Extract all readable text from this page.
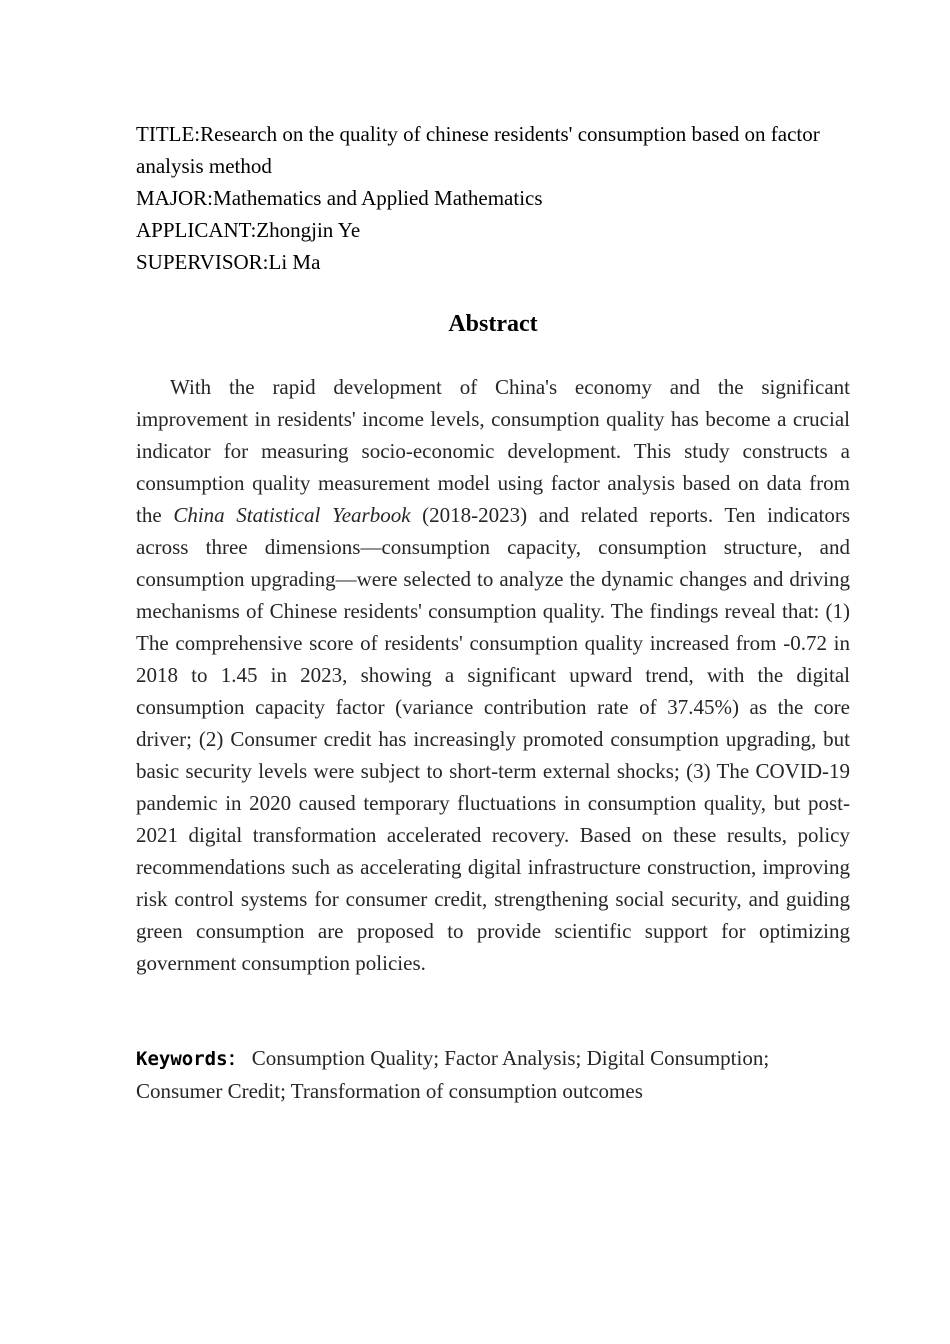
TITLE:Research on the quality of chinese residents' consumption based on factor analysis method
MAJOR:Mathematics and Applied Mathematics
APPLICANT:Zhongjin Ye
SUPERVISOR:Li Ma
Abstract

With the rapid development of China's economy and the significant improvement in residents' income levels, consumption quality has become a crucial indicator for measuring socio-economic development. This study constructs a consumption quality measurement model using factor analysis based on data from the China Statistical Yearbook (2018-2023) and related reports. Ten indicators across three dimensions—consumption capacity, consumption structure, and consumption upgrading—were selected to analyze the dynamic changes and driving mechanisms of Chinese residents' consumption quality. The findings reveal that: (1) The comprehensive score of residents' consumption quality increased from -0.72 in 2018 to 1.45 in 2023, showing a significant upward trend, with the digital consumption capacity factor (variance contribution rate of 37.45%) as the core driver; (2) Consumer credit has increasingly promoted consumption upgrading, but basic security levels were subject to short-term external shocks; (3) The COVID-19 pandemic in 2020 caused temporary fluctuations in consumption quality, but post-2021 digital transformation accelerated recovery. Based on these results, policy recommendations such as accelerating digital infrastructure construction, improving risk control systems for consumer credit, strengthening social security, and guiding green consumption are proposed to provide scientific support for optimizing government consumption policies.

Keywords： Consumption Quality; Factor Analysis; Digital Consumption; Consumer Credit; Transformation of consumption outcomes
